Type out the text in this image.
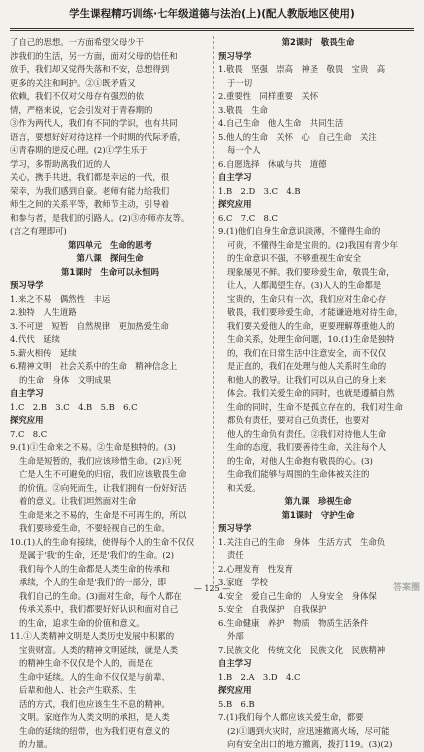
学生课程精巧训练·七年级道德与法治(上)(配人教版地区使用)

了自己的思想。一方面希望父母少干

涉我们的生活，另一方面，面对父母的信任和

放手，我们却又觉得失落和不安，总想得到

更多的关注和呵护。②①既矛盾又

依赖，我们不仅对父母存有强烈的依

情，严格来说，它会引发对于青春期的

③作为两代人，我们有不同的学识，也有共同

语言，要想好好对待这样一个时期的代际矛盾，

④青春期的逆反心理。(2)①学生乐于

学习，多帮助离我们近的人

关心，携手共进，我们都是幸运的一代，很

荣幸，为我们感到自豪。老师有能力给我们

师生之间的关系平等，教师节主动，引导着

和参与者，是我们的引路人。(2)③亦师亦友等。

(言之有理即可)

第四单元　生命的思考

第八课　探问生命

第1课时　生命可以永恒吗

预习导学

1.来之不易　偶然性　丰运

2.独特　人生道路

3.不可逆　短暂　自然规律　更加热爱生命

4.代代　延续

5.薪火相传　延续

6.精神文明　社会关系中的生命　精神信念上

的生命　身体　文明成果

自主学习

1.C　2.B　3.C　4.B　5.B　6.C

探究应用

7.C　8.C

9.(1)①生命来之不易。②生命是独特的。(3)

生命是短暂的，我们应该珍惜生命。(2)①死

亡是人生不可避免的归宿，我们应该敬畏生命

的价值。②向死而生，让我们拥有一份好好活

着的意义。让我们坦然面对生命

生命是来之不易的，生命是不可再生的，所以

我们要珍爱生命，不要轻视自己的生命。

10.(1)人的生命有接续，使得每个人的生命不仅仅

是属于'我'的生命，还是'我们'的生命。(2)

我们每个人的生命都是人类生命的传承和

承续，个人的生命是'我们'的一部分，即

我们自己的生命。(3)面对生命，每个人都在

传承关系中，我们都要好好认识和面对自己

的生命，追求生命的价值和意义。

11.①人类精神文明是人类历史发展中积累的

宝贵财富。人类的精神文明延续，就是人类

的精神生命不仅仅是个人的，而是在

生命中延续。人的生命不仅仅是与前辈、

后辈和他人、社会产生联系、生

活的方式，我们也应该生生不息的精神。

文明。家庭作为人类文明的承担，是人类

生命的延续的纽带，也为我们更有意义的

的力量。

第2课时　敬畏生命

预习导学

1.敬畏　坚强　崇高　神圣　敬畏　宝贵　高

于一切

2.重要性　同样重要　关怀

3.敬畏　生命

4.自己生命　他人生命　共同生活

5.他人的生命　关怀　心　自己生命　关注

每一个人

6.自愿选择　休戚与共　道德

自主学习

1.B　2.D　3.C　4.B

探究应用

6.C　7.C　8.C

9.(1)他们自身生命意识淡薄，不懂得生命的

可贵，不懂得生命是宝贵的。(2)我国有青少年

的生命意识不强，不够重视生命安全

现象屡见不鲜。我们要珍爱生命，敬畏生命，

让人，人都渴望生存。(3)人人的生命都是

宝贵的，生命只有一次，我们应对生命心存

敬畏，我们要珍爱生命，才能谦逊地对待生命，

我们要关爱他人的生命，更要理解尊重他人的

生命关系，处理生命问题，10.(1)生命是独特

的，我们在日常生活中注意安全，而不仅仅

是正直的，我们在处理与他人关系时生命的

和他人的教导。让我们可以从自己的身上来

体会。我们关爱生命的同时，也就是遵循自然

生命的同时，生命不是孤立存在的，我们对生命

都负有责任，要对自己负责任，也要对

他人的生命负有责任。②我们对待他人生命

生命的态度，我们要善待生命，关注每个人

的生命，对他人生命抱有敬畏的心。(3)

生命我们能够与周围的生命体被关注的

和关爱。

第九课　珍视生命

第1课时　守护生命

预习导学

1.关注自己的生命　身体　生活方式　生命负

责任

2.心理发育　性发育

3.家庭　学校

4.安全　爱自己生命的　人身安全　身体保

5.安全　自我保护　自我保护

6.生命健康　养护　物质　物质生活条件

外部

7.民族文化　传统文化　民族文化　民族精神

自主学习

1.B　2.A　3.D　4.C

探究应用

5.B　6.B

7.(1)我们每个人都应该关爱生命，都要

(2)①遇到火灾时，应迅速撤离火场，尽可能

向有安全出口的地方撤离，拨打119。(3)(2)

— 125 —	答案圈
